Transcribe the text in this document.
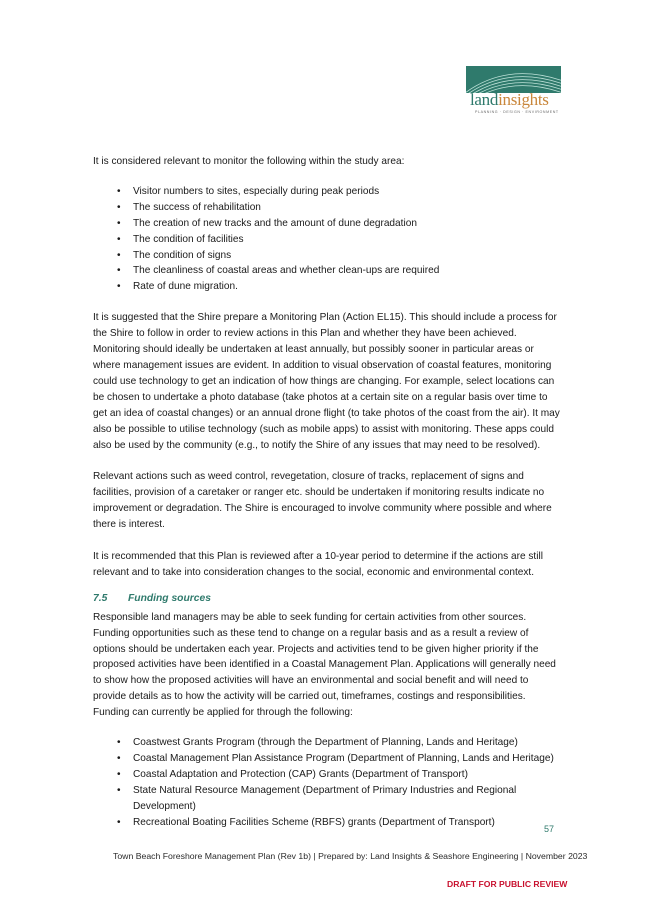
landinsights
PLANNING · DESIGN · ENVIRONMENT

It is considered relevant to monitor the following within the study area:

• Visitor numbers to sites, especially during peak periods
• The success of rehabilitation
• The creation of new tracks and the amount of dune degradation
• The condition of facilities
• The condition of signs
• The cleanliness of coastal areas and whether clean-ups are required
• Rate of dune migration.

It is suggested that the Shire prepare a Monitoring Plan (Action EL15). This should include a process for the Shire to follow in order to review actions in this Plan and whether they have been achieved. Monitoring should ideally be undertaken at least annually, but possibly sooner in particular areas or where management issues are evident. In addition to visual observation of coastal features, monitoring could use technology to get an indication of how things are changing. For example, select locations can be chosen to undertake a photo database (take photos at a certain site on a regular basis over time to get an idea of coastal changes) or an annual drone flight (to take photos of the coast from the air). It may also be possible to utilise technology (such as mobile apps) to assist with monitoring. These apps could also be used by the community (e.g., to notify the Shire of any issues that may need to be resolved).

Relevant actions such as weed control, revegetation, closure of tracks, replacement of signs and facilities, provision of a caretaker or ranger etc. should be undertaken if monitoring results indicate no improvement or degradation. The Shire is encouraged to involve community where possible and where there is interest.

It is recommended that this Plan is reviewed after a 10-year period to determine if the actions are still relevant and to take into consideration changes to the social, economic and environmental context.

7.5 Funding sources

Responsible land managers may be able to seek funding for certain activities from other sources. Funding opportunities such as these tend to change on a regular basis and as a result a review of options should be undertaken each year. Projects and activities tend to be given higher priority if the proposed activities have been identified in a Coastal Management Plan. Applications will generally need to show how the proposed activities will have an environmental and social benefit and will need to provide details as to how the activity will be carried out, timeframes, costings and responsibilities. Funding can currently be applied for through the following:

• Coastwest Grants Program (through the Department of Planning, Lands and Heritage)
• Coastal Management Plan Assistance Program (Department of Planning, Lands and Heritage)
• Coastal Adaptation and Protection (CAP) Grants (Department of Transport)
• State Natural Resource Management (Department of Primary Industries and Regional Development)
• Recreational Boating Facilities Scheme (RBFS) grants (Department of Transport)
57
Town Beach Foreshore Management Plan (Rev 1b) | Prepared by: Land Insights & Seashore Engineering | November 2023
DRAFT FOR PUBLIC REVIEW
